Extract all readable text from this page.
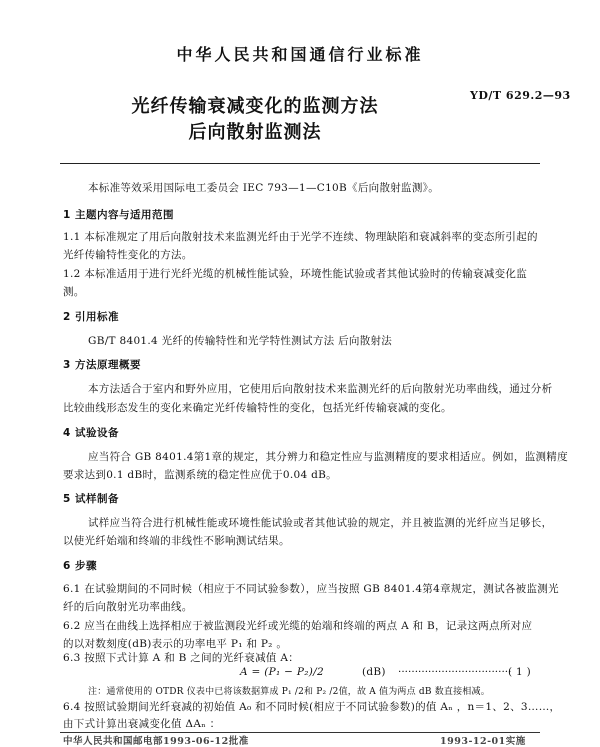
中华人民共和国通信行业标准
YD/T 629.2—93
光纤传输衰减变化的监测方法
后向散射监测法
本标准等效采用国际电工委员会 IEC 793—1—C10B《后向散射监测》。
1 主题内容与适用范围
1.1 本标准规定了用后向散射技术来监测光纤由于光学不连续、物理缺陷和衰减斜率的变态所引起的
光纤传输特性变化的方法。
1.2 本标准适用于进行光纤光缆的机械性能试验，环境性能试验或者其他试验时的传输衰减变化监
测。
2 引用标准
GB/T 8401.4 光纤的传输特性和光学特性测试方法 后向散射法
3 方法原理概要
本方法适合于室内和野外应用，它使用后向散射技术来监测光纤的后向散射光功率曲线，通过分析
比较曲线形态发生的变化来确定光纤传输特性的变化，包括光纤传输衰减的变化。
4 试验设备
应当符合 GB 8401.4第1章的规定，其分辨力和稳定性应与监测精度的要求相适应。例如，监测精度
要求达到0.1 dB时，监测系统的稳定性应优于0.04 dB。
5 试样制备
试样应当符合进行机械性能或环境性能试验或者其他试验的规定，并且被监测的光纤应当足够长，
以使光纤始端和终端的非线性不影响测试结果。
6 步骤
6.1 在试验期间的不同时候（相应于不同试验参数），应当按照 GB 8401.4第4章规定，测试各被监测光
纤的后向散射光功率曲线。
6.2 应当在曲线上选择相应于被监测段光纤或光缆的始端和终端的两点 A 和 B，记录这两点所对应
的以对数刻度(dB)表示的功率电平 P₁ 和 P₂ 。
6.3 按照下式计算 A 和 B 之间的光纤衰减值 A：
A = (P₁ − P₂)/2	(dB) ··································
( 1 )
注：通常使用的 OTDR 仪表中已将该数据算成 P₁ /2和 P₂ /2值，故 A 值为两点 dB 数直接相减。
6.4 按照试验期间光纤衰减的初始值 A₀ 和不同时候(相应于不同试验参数)的值 Aₙ ，n＝1、2、3……，
由下式计算出衰减变化值 ΔAₙ ：
中华人民共和国邮电部1993-06-12批准	1993-12-01实施
